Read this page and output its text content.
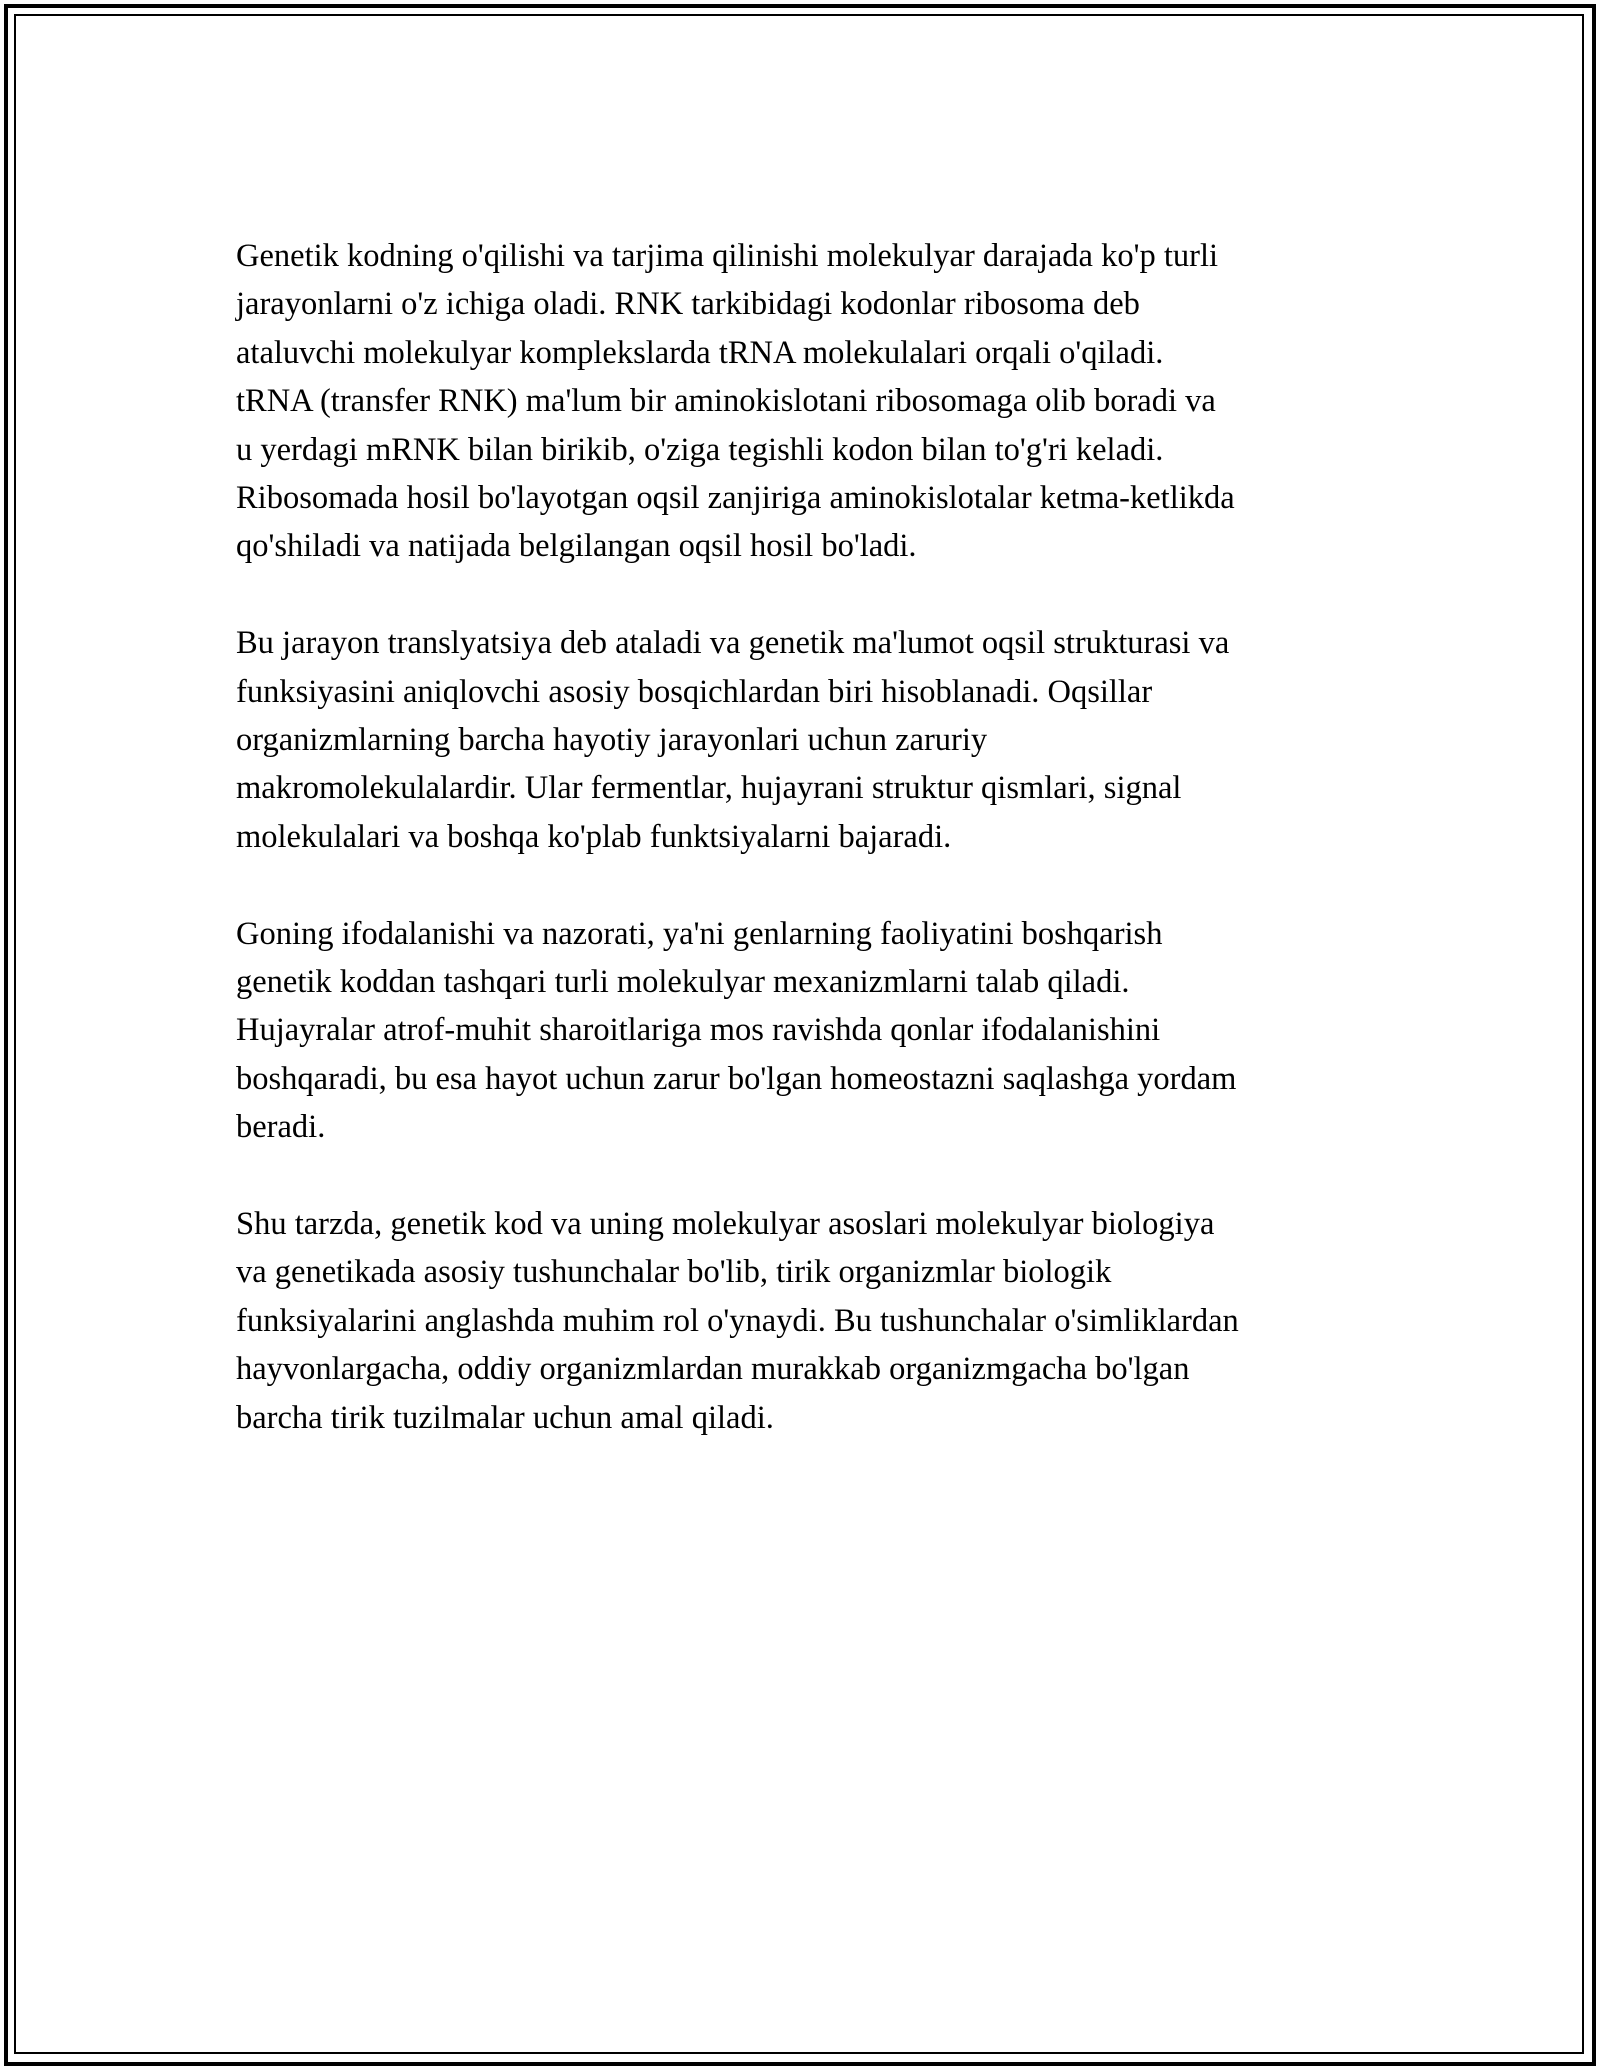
Genetik kodning o'qilishi va tarjima qilinishi molekulyar darajada ko'p turli
jarayonlarni o'z ichiga oladi. RNK tarkibidagi kodonlar ribosoma deb
ataluvchi molekulyar komplekslarda tRNA molekulalari orqali o'qiladi.
tRNA (transfer RNK) ma'lum bir aminokislotani ribosomaga olib boradi va
u yerdagi mRNK bilan birikib, o'ziga tegishli kodon bilan to'g'ri keladi.
Ribosomada hosil bo'layotgan oqsil zanjiriga aminokislotalar ketma-ketlikda
qo'shiladi va natijada belgilangan oqsil hosil bo'ladi.

Bu jarayon translyatsiya deb ataladi va genetik ma'lumot oqsil strukturasi va
funksiyasini aniqlovchi asosiy bosqichlardan biri hisoblanadi. Oqsillar
organizmlarning barcha hayotiy jarayonlari uchun zaruriy
makromolekulalardir. Ular fermentlar, hujayrani struktur qismlari, signal
molekulalari va boshqa ko'plab funktsiyalarni bajaradi.

Goning ifodalanishi va nazorati, ya'ni genlarning faoliyatini boshqarish
genetik koddan tashqari turli molekulyar mexanizmlarni talab qiladi.
Hujayralar atrof-muhit sharoitlariga mos ravishda qonlar ifodalanishini
boshqaradi, bu esa hayot uchun zarur bo'lgan homeostazni saqlashga yordam
beradi.

Shu tarzda, genetik kod va uning molekulyar asoslari molekulyar biologiya
va genetikada asosiy tushunchalar bo'lib, tirik organizmlar biologik
funksiyalarini anglashda muhim rol o'ynaydi. Bu tushunchalar o'simliklardan
hayvonlargacha, oddiy organizmlardan murakkab organizmgacha bo'lgan
barcha tirik tuzilmalar uchun amal qiladi.
